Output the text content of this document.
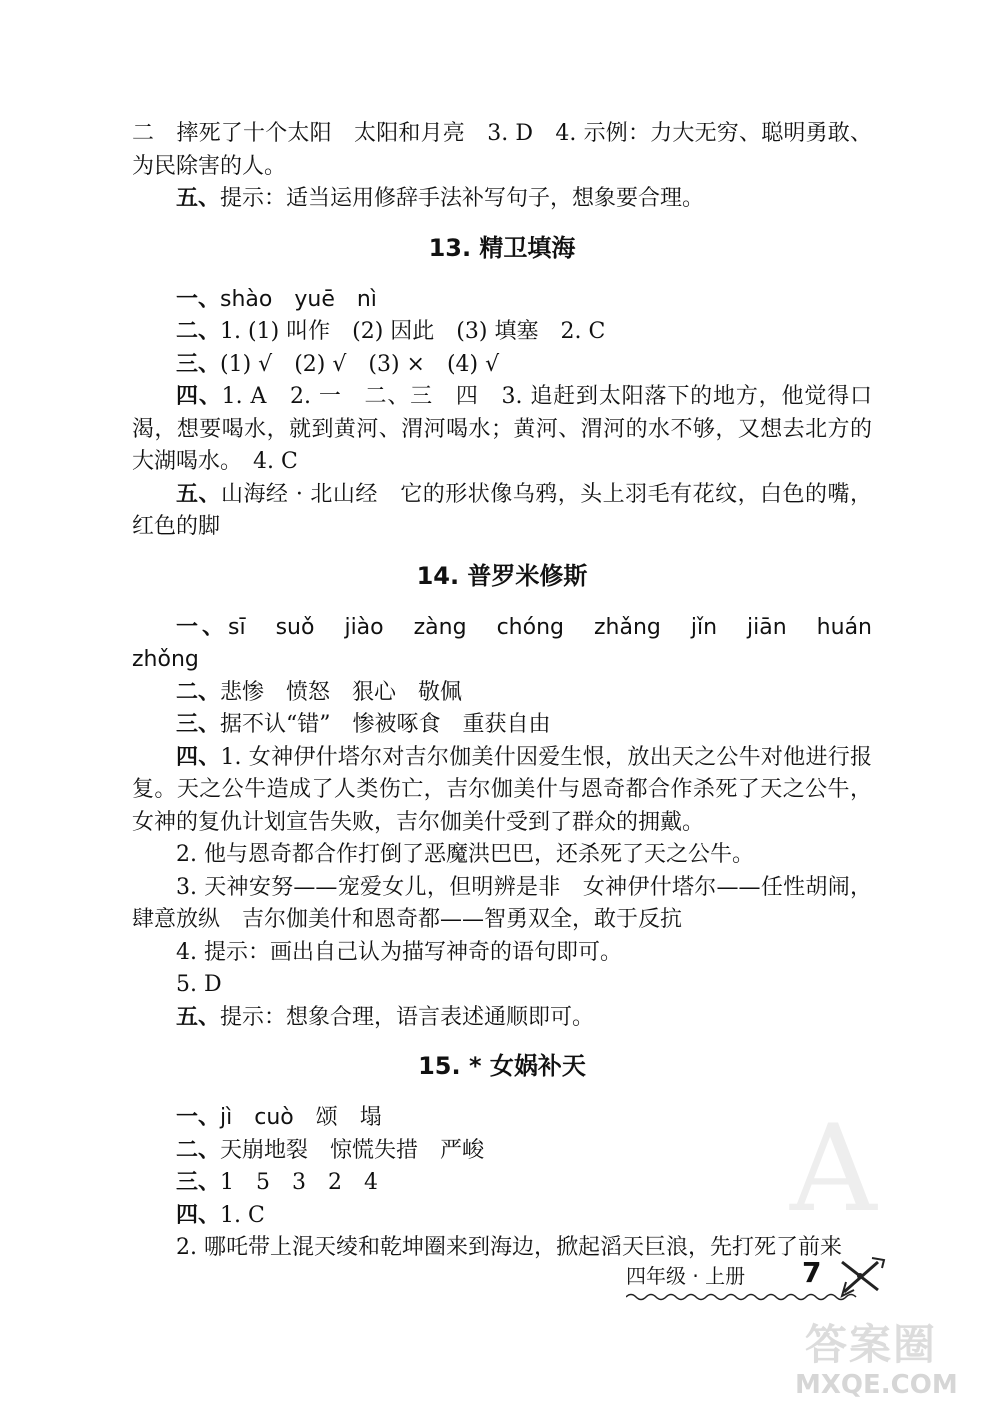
二　摔死了十个太阳　太阳和月亮　3. D　4. 示例：力大无穷、聪明勇敢、为民除害的人。

五、提示：适当运用修辞手法补写句子，想象要合理。

13. 精卫填海

一、shào　yuē　nì

二、1. (1) 叫作　(2) 因此　(3) 填塞　2. C

三、(1) √　(2) √　(3) ×　(4) √

四、1. A　2. 一　二、三　四　3. 追赶到太阳落下的地方，他觉得口渴，想要喝水，就到黄河、渭河喝水；黄河、渭河的水不够，又想去北方的大湖喝水。　4. C

五、山海经 · 北山经　它的形状像乌鸦，头上羽毛有花纹，白色的嘴，红色的脚

14. 普罗米修斯

一、sī　suǒ　jiào　zàng　chóng　zhǎng　jǐn　jiān　huán　zhǒng

二、悲惨　愤怒　狠心　敬佩

三、据不认“错”　惨被啄食　重获自由

四、1. 女神伊什塔尔对吉尔伽美什因爱生恨，放出天之公牛对他进行报复。天之公牛造成了人类伤亡，吉尔伽美什与恩奇都合作杀死了天之公牛，女神的复仇计划宣告失败，吉尔伽美什受到了群众的拥戴。

2. 他与恩奇都合作打倒了恶魔洪巴巴，还杀死了天之公牛。

3. 天神安努——宠爱女儿，但明辨是非　女神伊什塔尔——任性胡闹，肆意放纵　吉尔伽美什和恩奇都——智勇双全，敢于反抗

4. 提示：画出自己认为描写神奇的语句即可。

5. D

五、提示：想象合理，语言表述通顺即可。

15. * 女娲补天

一、jì　cuò　颂　塌

二、天崩地裂　惊慌失措　严峻

三、1　5　3　2　4

四、1. C

2. 哪吒带上混天绫和乾坤圈来到海边，掀起滔天巨浪，先打死了前来

A
四年级 · 上册 7
答案圈
MXQE.COM
